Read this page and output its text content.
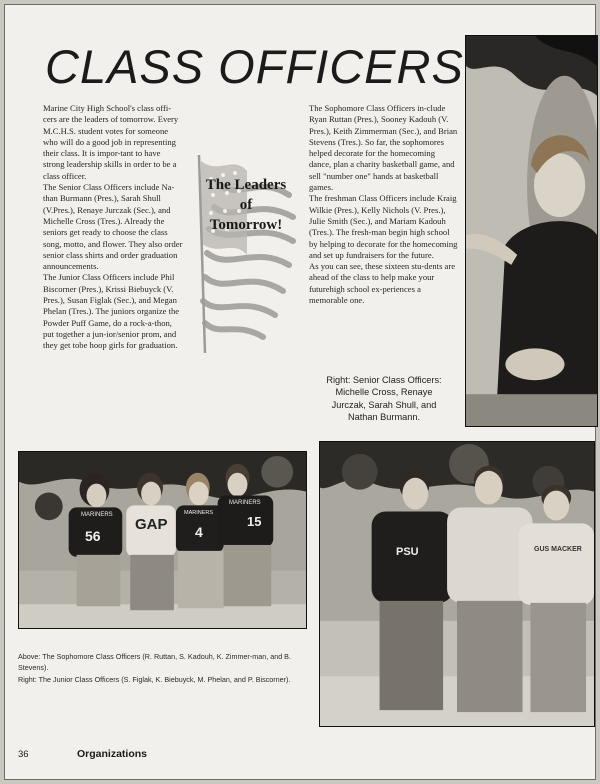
CLASS OFFICERS

Marine City High School's class offi-cers are the leaders of tomorrow. Every M.C.H.S. student votes for someone who will do a good job in representing their class. It is impor-tant to have strong leadership skills in order to be a class officer.

The Senior Class Officers include Na-than Burmann (Pres.), Sarah Shull (V.Pres.), Renaye Jurczak (Sec.), and Michelle Cross (Tres.). Already the seniors get ready to choose the class song, motto, and flower. They also order senior class shirts and order graduation announcements.

The Junior Class Officers include Phil Biscorner (Pres.), Krissi Biebuyck (V. Pres.), Susan Figlak (Sec.), and Megan Phelan (Tres.). The juniors organize the Powder Puff Game, do a rock-a-thon, put together a jun-ior/senior prom, and they get tobe hoop girls for graduation.

The Leaders
of
Tomorrow!

The Sophomore Class Officers in-clude Ryan Ruttan (Pres.), Sooney Kadouh (V. Pres.), Keith Zimmerman (Sec.), and Brian Stevens (Tres.). So far, the sophomores helped decorate for the homecoming dance, plan a charity basketball game, and sell "number one" hands at basketball games.

The freshman Class Officers include Kraig Wilkie (Pres.), Kelly Nichols (V. Pres.), Julie Smith (Sec.), and Mariam Kadouh (Tres.). The fresh-man begin high school by helping to decorate for the homecoming and set up fundraisers for the future.

As you can see, these sixteen stu-dents are ahead of the class to help make your futurehigh school ex-periences a memorable one.

Right: Senior Class Officers:
Michelle Cross, Renaye
Jurczak, Sarah Shull, and
Nathan Burmann.
MARINERS
56
GAP
MARINERS
4
MARINERS
15
PSU	GUS MACKER

Above: The Sophomore Class Officers (R. Ruttan, S. Kadouh, K. Zimmer-man, and B. Stevens).

Right: The Junior Class Officers (S. Figlak, K. Biebuyck, M. Phelan, and P. Biscorner).

36	Organizations
